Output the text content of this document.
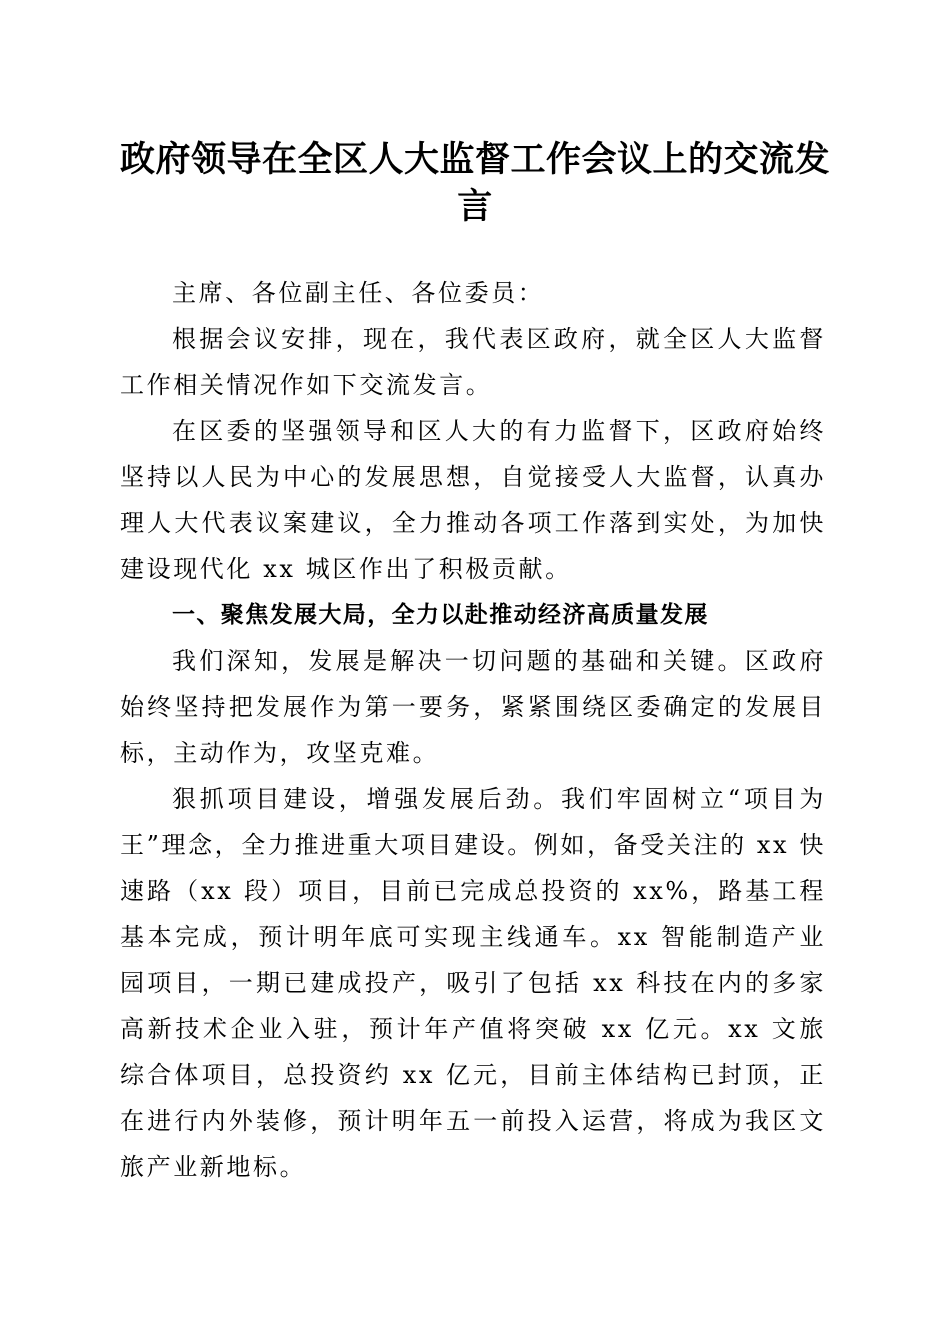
政府领导在全区人大监督工作会议上的交流发
言

主席、各位副主任、各位委员：

根据会议安排，现在，我代表区政府，就全区人大监督工作相关情况作如下交流发言。

在区委的坚强领导和区人大的有力监督下，区政府始终坚持以人民为中心的发展思想，自觉接受人大监督，认真办理人大代表议案建议，全力推动各项工作落到实处，为加快建设现代化 xx 城区作出了积极贡献。

一、聚焦发展大局，全力以赴推动经济高质量发展

我们深知，发展是解决一切问题的基础和关键。区政府始终坚持把发展作为第一要务，紧紧围绕区委确定的发展目标，主动作为，攻坚克难。

狠抓项目建设，增强发展后劲。我们牢固树立“项目为王”理念，全力推进重大项目建设。例如，备受关注的 xx 快速路（xx 段）项目，目前已完成总投资的 xx%，路基工程基本完成，预计明年底可实现主线通车。xx 智能制造产业园项目，一期已建成投产，吸引了包括 xx 科技在内的多家高新技术企业入驻，预计年产值将突破 xx 亿元。xx 文旅综合体项目，总投资约 xx 亿元，目前主体结构已封顶，正在进行内外装修，预计明年五一前投入运营，将成为我区文旅产业新地标。
